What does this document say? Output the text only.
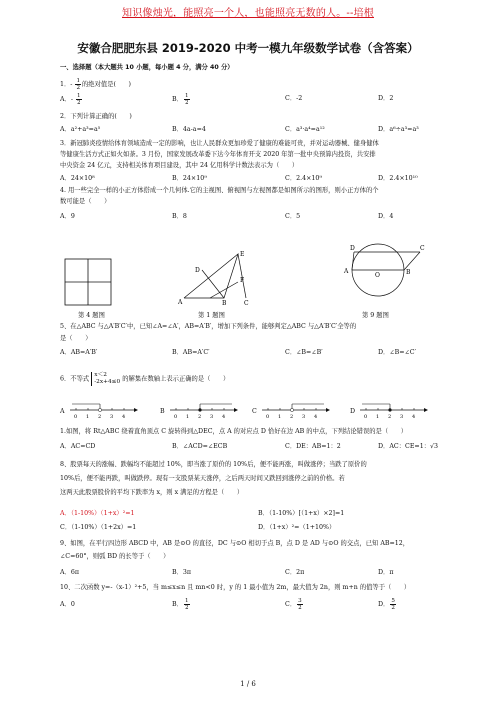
知识像烛光，能照亮一个人，也能照亮无数的人。--培根
安徽合肥肥东县 2019-2020 中考一模九年级数学试卷（含答案）
一、选择题（本大题共 10 小题，每小题 4 分，满分 40 分）
1．- $\frac{1}{2}$ 的绝对值是(　　)
A．- $\frac{1}{2}$	B． $\frac{1}{2}$	C．-2	D．2
2．下列计算正确的(　　)
A．a²+a³=a⁵	B．4a-a=4	C．a³·a⁴=a¹²	D．a⁶÷a³=a³
3．新冠肺炎疫情给体育领域造成一定的影响，也让人民群众更加珍爱了健康的难能可贵，并对运动器械、健身健体
等健康生活方式正如火如荼。3 月份，国家发展改革委下达今年体育开支 2020 年第一批中央预算内投资，共安排
中央资金 24 亿元，支持相关体育项目建设，其中 24 亿用科学计数法表示为（　　）
A．24×10⁸	B．24×10⁹	C．2.4×10⁹	D．2.4×10¹⁰
4. 用一些完全一样的小正方体搭成一个几何体.它的主视图、俯视图与左视图都是如图所示的图形，则小正方体的个
数可能是（　　）
A．9	B．8	C．5	D．4
E
D
A	B	C
F
D	C
A	B
O
第 4 题图	第 1 题图	第 9 题图
5、在△ABC 与△A′B′C′中，已知∠A=∠A′，AB=A′B′，增加下列条件，能够判定△ABC 与△A′B′C′全等的
是（　　）
A．AB=A′B′	B．AB=A′C′	C．∠B=∠B′	D．∠B=∠C′
6．不等式
x＜2
-2x+4≤0 的解集在数轴上表示正确的是（　　）
A
0 1 2 3 4
B
0 1 2 3 4
C
0 1 2 3 4
D
0 1 2 3 4
1.如图，将 Rt△ABC 绕着直角顶点 C 旋转得到△DEC，点 A 的对应点 D 恰好在边 AB 的中点，下列结论错误的是（　　）
A．AC=CD	B．∠ACD=∠ECB	C．DE：AB=1：2	D．AC：CE=1：√3
8、股票每天的涨幅、跌幅均不能超过 10%，即当涨了原价的 10%后，便不能再涨，叫做涨停；当跌了原价的
10%后，便不能再跌，叫做跌停。现有一支股票某天涨停，之后两天时间又跌回到涨停之前的价格。若
这两天此股票股价的平均下跌率为 x，则 x 满足的方程是（　　）
A．（1-10%）（1+x）²=1	B．（1-10%）[（1+x）×2]=1
C．（1-10%）（1+2x）=1	D．（1+x）²=（1+10%）
9、如图，在平行四边形 ABCD 中，AB 是⊙O 的直径，DC 与⊙O 相切于点 B，点 D 是 AD 与⊙O 的交点，已知 AB=12，
∠C=60°，则弧 BD 的长等于（　　）
A．6π	B．3π	C．2π	D．π
10、二次函数 y=-（x-1）²+5，当 m≤x≤n 且 mn<0 时，y 的 1 最小值为 2m，最大值为 2n，则 m+n 的值等于（　　）
A．0	B． $\frac{1}{2}$	C． $\frac{3}{2}$	D． $\frac{5}{2}$
1 / 6
